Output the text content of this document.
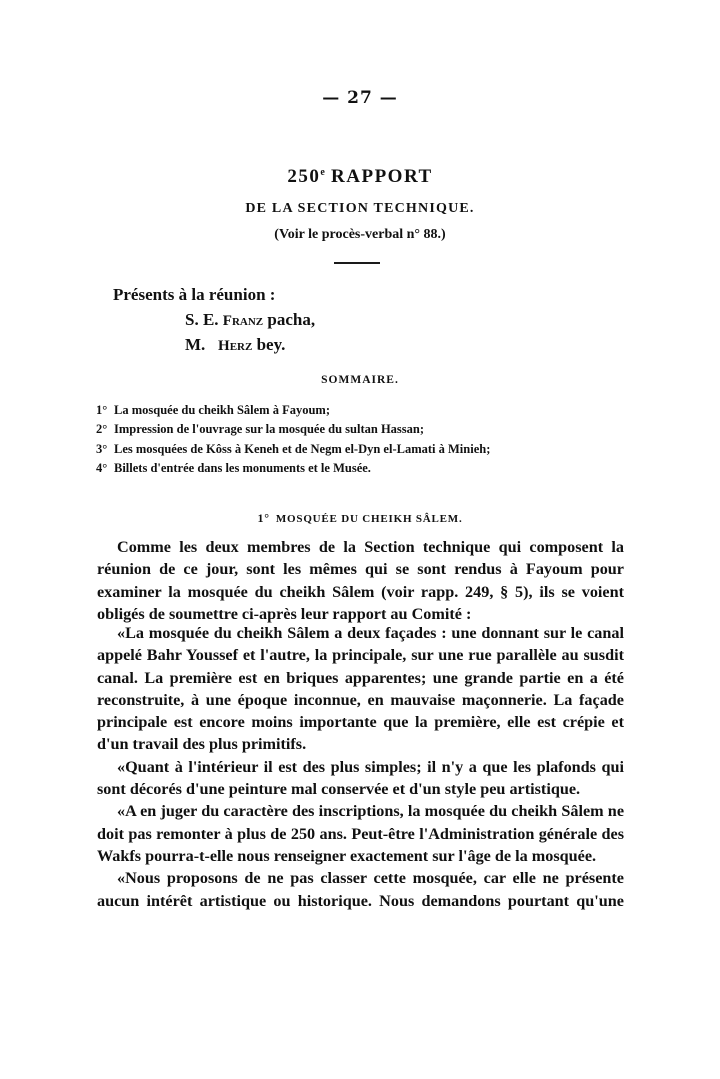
— 27 —
250e RAPPORT
DE LA SECTION TECHNIQUE.
(Voir le procès-verbal n° 88.)
Présents à la réunion :
S. E. Franz pacha,
M.   Herz bey.
SOMMAIRE.
1° La mosquée du cheikh Sâlem à Fayoum;
2° Impression de l'ouvrage sur la mosquée du sultan Hassan;
3° Les mosquées de Kôss à Keneh et de Negm el-Dyn el-Lamati à Minieh;
4° Billets d'entrée dans les monuments et le Musée.
1° MOSQUÉE DU CHEIKH SÂLEM.

Comme les deux membres de la Section technique qui composent la réunion de ce jour, sont les mêmes qui se sont rendus à Fayoum pour examiner la mosquée du cheikh Sâlem (voir rapp. 249, § 5), ils se voient obligés de soumettre ci-après leur rapport au Comité :

«La mosquée du cheikh Sâlem a deux façades : une donnant sur le canal appelé Bahr Youssef et l'autre, la principale, sur une rue parallèle au susdit canal. La première est en briques apparentes; une grande partie en a été reconstruite, à une époque inconnue, en mauvaise maçonnerie. La façade principale est encore moins importante que la première, elle est crépie et d'un travail des plus primitifs.

«Quant à l'intérieur il est des plus simples; il n'y a que les plafonds qui sont décorés d'une peinture mal conservée et d'un style peu artistique.

«A en juger du caractère des inscriptions, la mosquée du cheikh Sâlem ne doit pas remonter à plus de 250 ans. Peut-être l'Administration générale des Wakfs pourra-t-elle nous renseigner exactement sur l'âge de la mosquée.

«Nous proposons de ne pas classer cette mosquée, car elle ne présente aucun intérêt artistique ou historique. Nous demandons pourtant qu'une
